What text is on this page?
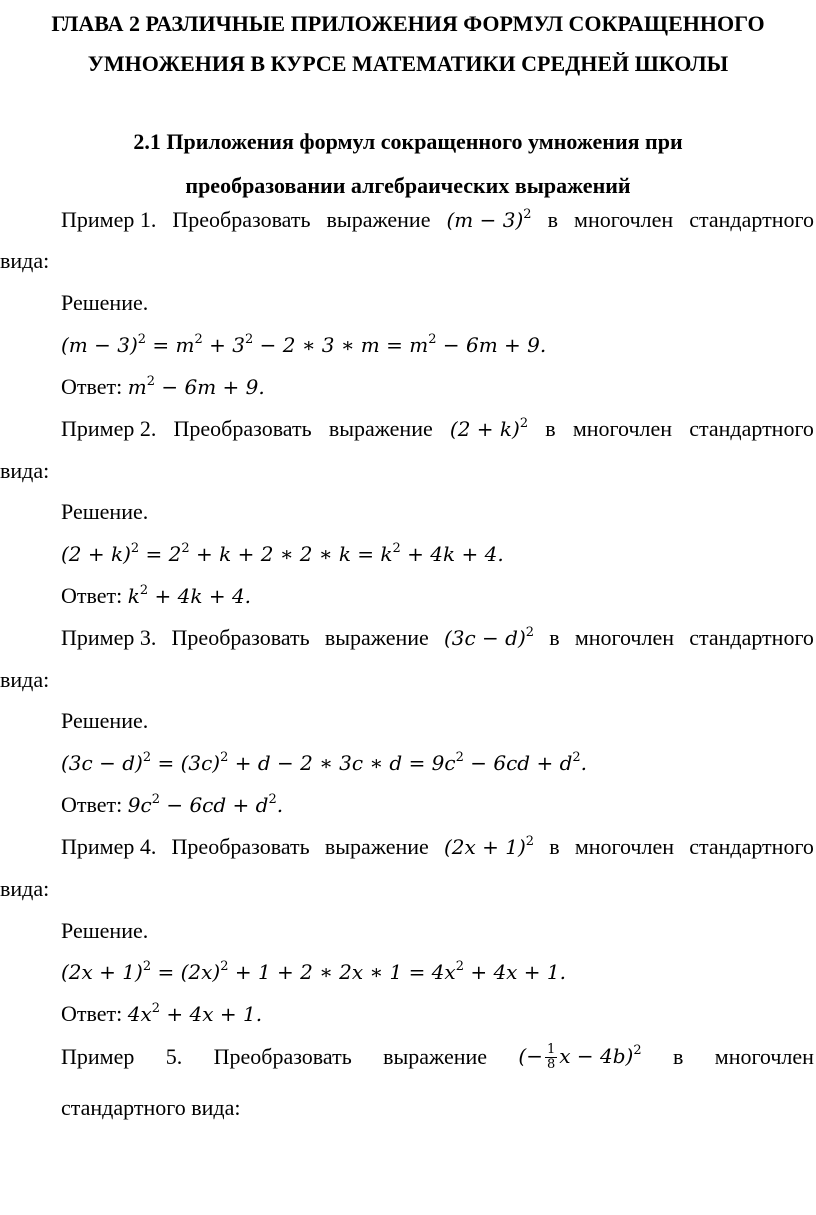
ГЛАВА 2 РАЗЛИЧНЫЕ ПРИЛОЖЕНИЯ ФОРМУЛ СОКРАЩЕННОГО
УМНОЖЕНИЯ В КУРСЕ МАТЕМАТИКИ СРЕДНЕЙ ШКОЛЫ
2.1 Приложения формул сокращенного умножения при
преобразовании алгебраических выражений
Пример 1. Преобразовать выражение (𝑚 − 3)$^2$ в многочлен стандартного
вида:
Решение.
(𝑚 − 3)$^2$ = 𝑚$^2$ + $3^2 - 2$ ∗ 3 ∗ 𝑚 = 𝑚$^2$ − 6𝑚 + 9.
Ответ: 𝑚$^2$ − 6𝑚 + 9.
Пример 2. Преобразовать выражение (2 + 𝑘)$^2$ в многочлен стандартного
вида:
Решение.
(2 + 𝑘)$^2$ = $2^2$ + 𝑘 + 2 ∗ 2 ∗ 𝑘 = 𝑘$^2$ + 4𝑘 + 4.
Ответ: 𝑘$^2$ + 4𝑘 + 4.
Пример 3. Преобразовать выражение (3𝑐 − 𝑑)$^2$ в многочлен стандартного
вида:
Решение.
(3𝑐 − 𝑑)$^2$ = (3𝑐)$^2$ + 𝑑 − 2 ∗ 3𝑐 ∗ 𝑑 = 9𝑐$^2$ − 6𝑐𝑑 + 𝑑$^2$.
Ответ: 9𝑐$^2$ − 6𝑐𝑑 + 𝑑$^2$.
Пример 4. Преобразовать выражение (2𝑥 + 1)$^2$ в многочлен стандартного
вида:
Решение.
(2𝑥 + 1)$^2$ = (2𝑥)$^2$ + 1 + 2 ∗ 2𝑥 ∗ 1 = 4𝑥$^2$ + 4𝑥 + 1.
Ответ: 4𝑥$^2$ + 4𝑥 + 1.
Пример 5. Преобразовать выражение (− $\frac{1}{8}$ 𝑥 − 4𝑏)$^2$ в многочлен
стандартного вида:
